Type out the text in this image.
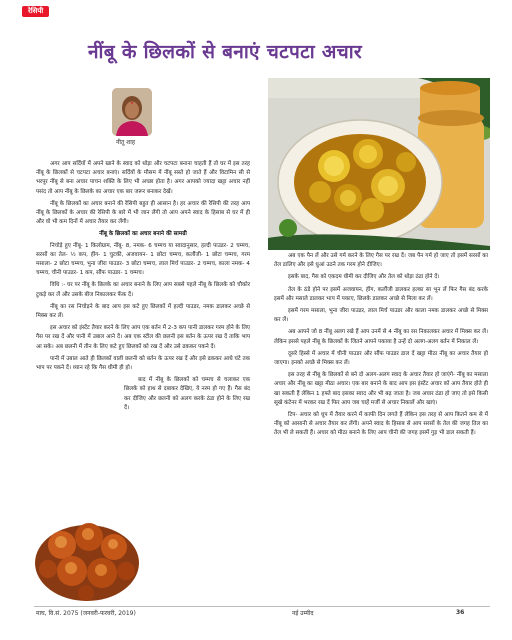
रेसिपी
नींबू के छिलकों से बनाएं चटपटा अचार
नीतू शाह

अगर आप सर्दियों में अपने खाने के स्वाद को थोड़ा और चटपटा बनाना चाहती हैं तो घर में इस तरह नींबू के छिलकों से चटपटा अचार बनाएं। सर्दियों के मौसम में नींबू सस्ते हो जाते हैं और विटामिन सी से भरपूर नींबू से बना अचार पाचन शक्ति के लिए भी अच्छा होता है। अगर आपको ज्यादा खट्टा अचार नहीं पसंद तो आप नींबू के छिलके का अचार एक बार जरूर बनाकर देखें।

नींबू के छिलकों का अचार बनाने की रेसिपी बहुत ही आसान है। हर अचार की रेसिपी की तरह आप नींबू के छिलकों के अचार की रेसिपी के बारे में भी जान लेंगी तो आप अपने स्वाद के हिसाब से घर में ही और वो भी कम दिनों में अचार तैयार कर लेंगी।

नींबू के छिलकों का अचार बनाने की सामग्री

निचोड़े हुए नींबू- 1 किलोग्राम, नींबू- 8, नमक- 6 चम्मच या स्वादानुसार, हल्दी पाउडर- 2 चम्मच, सरसों का तेल- ½ कप, हींग- 1 चुटकी, अजवायन- 1 छोटा चम्मच, कलौंजी- 1 छोटा चम्मच, गरम मसाला- 2 छोटा चम्मच, भुना जीरा पाउडर- 3 छोटा चम्मच, लाल मिर्च पाउडर- 2 चम्मच, काला नमक- 4 चम्मच, चीनी पाउडर- 1 कप, सौंफ पाउडर- 1 चम्मच।

विधि :- घर पर नींबू के छिलके का अचार बनाने के लिए आप सबसे पहले नींबू के छिलके को चौकोर टुकड़े कर लें और उसके बीज निकालकर फेंक दें।

नींबू का रस निचोड़ने के बाद आप इस कटे हुए छिलकों में हल्दी पाउडर, नमक डालकर अच्छे से मिक्स कर लें।

इस अचार को इंस्टेंट तैयार करने के लिए आप एक बर्तन में 2-3 कप पानी डालकर गरम होने के लिए गैस पर रख दें और पानी में उबाल आने दें। अब एक स्टील की छलनी इस बर्तन के ऊपर रख दें ताकि भाप आ सके। अब छलनी में तीन के लिए कटे हुए छिलकों को रख दें और उसे ढककर पकने दें।

पानी में उबाल आते ही छिलकों वाली छलनी को बर्तन के ऊपर रख दें और इसे ढककर आधे घंटे तक भाप पर पकने दें। ध्यान रहे कि गैस धीमी ही हो।

बाद में नींबू के छिलकों को चम्मच से चलाकर एक छिलके को हाथ से दबाकर देखिए, ये नरम हो गए हैं। गैस बंद कर दीजिए और छलनी को अलग करके ठंडा होने के लिए रख दें।

अब एक पैन लें और उसे गर्म करने के लिए गैस पर रख दें। जब पैन गर्म हो जाए तो इसमें सरसों का तेल डालिए और इसे धुआं उठने तक गरम होने दीजिए।

इसके बाद, गैस को एकदम धीमी कर दीजिए और तेल को थोड़ा ठंडा होने दें।

तेल के ठंडे होने पर इसमें अजवायन, हींग, कलौंजी डालकर हल्का सा भून लें फिर गैस बंद करके इसमें और मसाले डालकर भाप में पकाए, छिलके डालकर अच्छे से मिला कर लें।

इसमें गरम मसाला, भुना जीरा पाउडर, लाल मिर्च पाउडर और काला नमक डालकर अच्छे से मिक्स कर लें।

अब आपने जो 8 नींबू अलग रखे हैं आप उनमें से 4 नींबू का रस निकालकर अचार में मिक्स कर लें। लेकिन इससे पहले नींबू के छिलकों के जितने आपने पकाया है उन्हें दो अलग-अलग बर्तन में निकाल लें।

दूसरे हिस्से में अचार में चीनी पाउडर और सौंफ पाउडर डाल दें खट्टा मीठा नींबू का अचार तैयार हो जाएगा। इनको अच्छे से मिक्स कर लें।

इस तरह से नींबू के छिलकों से बने दो अलग-अलग स्वाद के अचार तैयार हो जाएंगे- नींबू का मसाला अचार और नींबू का खट्टा मीठा अचार। एक बार बनाने के बाद आप इस इंस्टेंट अचार को आप तैयार होते ही खा सकती हैं लेकिन 1 हफ्ते बाद इसका स्वाद और भी बढ़ जाता है। जब अचार ठंडा हो जाए तो इसे किसी सूखे कंटेनर में भरकर रख दें फिर आप जब चाहें मर्जी से अचार निकालें और खाएं।

टिप- अचार को धूप में तैयार करने में काफी दिन लगते हैं लेकिन इस तरह से आप कितने कम से में नींबू को आसानी से अचार तैयार कर लेंगी। अपने स्वाद के हिसाब से आप सरसों के तेल की जगह तिल का तेल भी ले सकती हैं। अचार को मीठा बनाने के लिए आप चीनी की जगह इसमें गुड़ भी डाल सकती हैं।

माघ, वि.सं. 2075 (जनवरी-फरवरी, 2019)	नई उम्मीद	36
